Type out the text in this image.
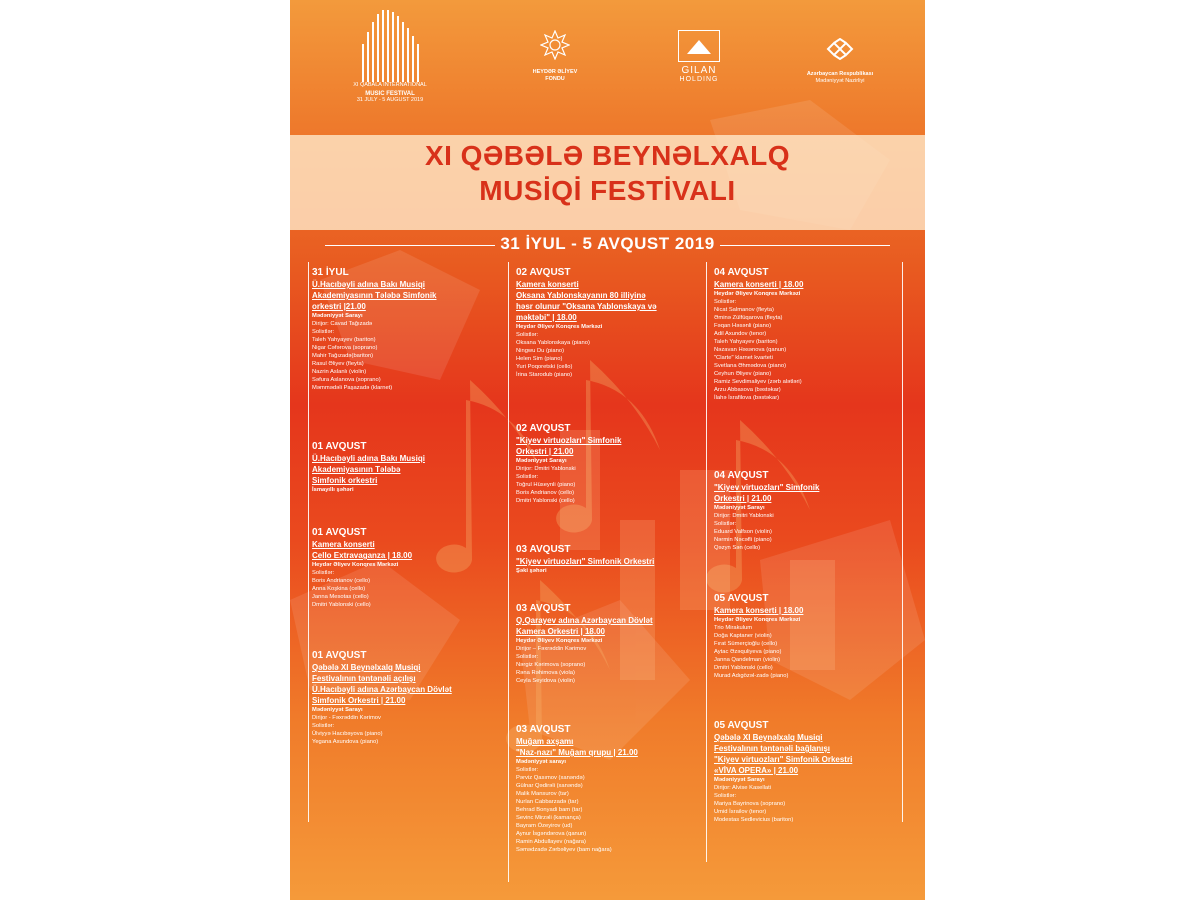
XI QABALA INTERNATIONAL
MUSIC FESTIVAL
31 JULY - 5 AUGUST 2019
HEYDƏR ƏLİYEV
FONDU
GILAN
HOLDING
Azərbaycan Respublikası
Mədəniyyət Nazirliyi
XI QƏBƏLƏ BEYNƏLXALQ
MUSİQİ FESTİVALI
31 İYUL - 5 AVQUST 2019
31 İYUL
Ü.Hacıbəyli adına Bakı Musiqi
Akademiyasının Tələbə Simfonik
orkestri |21.00
Mədəniyyət Sarayı
Dirijor: Cavad Tağızadə
Solistlər:
Taleh Yahyayev (bariton)
Nigar Cəfərova (soprano)
Mahir Tağızadə(bariton)
Rasul Əliyev (fleyta)
Nazrin Aslanlı (violin)
Səfura Aslanova (soprano)
Məmmədəli Paşazadə (klarnet)
01 AVQUST
Ü.Hacıbəyli adına Bakı Musiqi
Akademiyasının Tələbə
Simfonik orkestri
İsmayıllı şəhəri
01 AVQUST
Kamera konserti
Cello Extravaganza | 18.00
Heydər Əliyev Konqres Mərkəzi
Solistlər:
Boris Andrianov (cello)
Anna Koşkina (cello)
Janna Mesotas (cello)
Dmitri Yablonski (cello)
01 AVQUST
Qəbələ XI Beynəlxalq Musiqi
Festivalının təntənəli açılışı
Ü.Hacıbəyli adına Azərbaycan Dövlət
Simfonik Orkestri | 21.00
Mədəniyyət Sarayı
Dirijor - Fəxrəddin Kərimov
Solistlər:
Ülviyyə Hacıbəyova (piano)
Yegana Axundova (piano)
02 AVQUST
Kamera konserti
Oksana Yablonskayanın 80 illiyinə
həsr olunur "Oksana Yablonskaya və
məktəbi" | 18.00
Heydər Əliyev Konqres Mərkəzi
Solistlər:
Oksana Yablonskaya (piano)
Ningwu Du (piano)
Helen Sim (piano)
Yuri Poqoretski (cello)
İrina Starodub (piano)
02 AVQUST
"Kiyev virtuozları" Simfonik
Orkestri | 21.00
Mədəniyyət Sarayı
Dirijor: Dmitri Yablonski
Solistlər:
Toğrul Hüseynli (piano)
Boris Andrianov (cello)
Dmitri Yablonski (cello)
03 AVQUST
"Kiyev virtuozları" Simfonik Orkestri
Şəki şəhəri
03 AVQUST
Q.Qarayev adına Azərbaycan Dövlət
Kamera Orkestri | 18.00
Heydər Əliyev Konqres Mərkəzi
Dirijor – Fəxrəddin Kərimov
Solistlər:
Nərgiz Kərimova (soprano)
Rəna Rəhimova (viola)
Ceyla Seyidova (violin)
03 AVQUST
Muğam axşamı
"Naz-nazı" Muğam qrupu | 21.00
Mədəniyyət sarayı
Solistlər:
Pərviz Qasımov (xanəndə)
Gülnar Qədirəli (xanəndə)
Malik Mansurov (tar)
Nurlan Cabbarzadə (tar)
Behrad Bonyadi bam (tar)
Sevinc Mirzəli (kamança)
Bayram Özeyirov (ud)
Aynur İsgəndərova (qanun)
Ramin Abdullayev (nağara)
Səmədzadə Zərbəliyev (bam nağara)
04 AVQUST
Kamera konserti | 18.00
Heydər Əliyev Konqres Mərkəzi
Solistlər:
Nicat Salmanov (fleyta)
Əminə Zülfüqarova (fleyta)
Fəqan Həsənli (piano)
Adil Axundov (tenor)
Taleh Yahyayev (bariton)
Nəzavan Həsənova (qanun)
"Clarte" klarnet kvarteti
Svetlana Əhmədova (piano)
Ceyhun Əliyev (piano)
Ramiz Sevdimaliyev (zərb alətləri)
Arzu Abbasova (bəstəkar)
İlahə İsrafilova (bəstəkar)
04 AVQUST
"Kiyev virtuozları" Simfonik
Orkestri | 21.00
Mədəniyyət Sarayı
Dirijor: Dmitri Yablonski
Solistlər:
Eduard Valfson (violin)
Nərmin Nəcəfli (piano)
Qəzyn Sən (cello)
05 AVQUST
Kamera konserti | 18.00
Heydər Əliyev Konqres Mərkəzi
Trio Mirakulum
Doğa Kaptaner (violin)
Fırat Sümerçioğlu (cello)
Aytac Əzəquliyeva (piano)
Janna Qandelman (violin)
Dmitri Yablonski (cello)
Murad Adıgözəl-zadə (piano)
05 AVQUST
Qəbələ XI Beynəlxalq Musiqi
Festivalının təntənəli bağlanışı
"Kiyev virtuozları" Simfonik Orkestri
«VİVA OPERA» | 21.00
Mədəniyyət Sarayı
Dirijor: Alvise Kasellati
Solistlər:
Mariya Bayrinova (soprano)
Umid İsrailov (tenor)
Modestas Sedlevicius (bariton)
